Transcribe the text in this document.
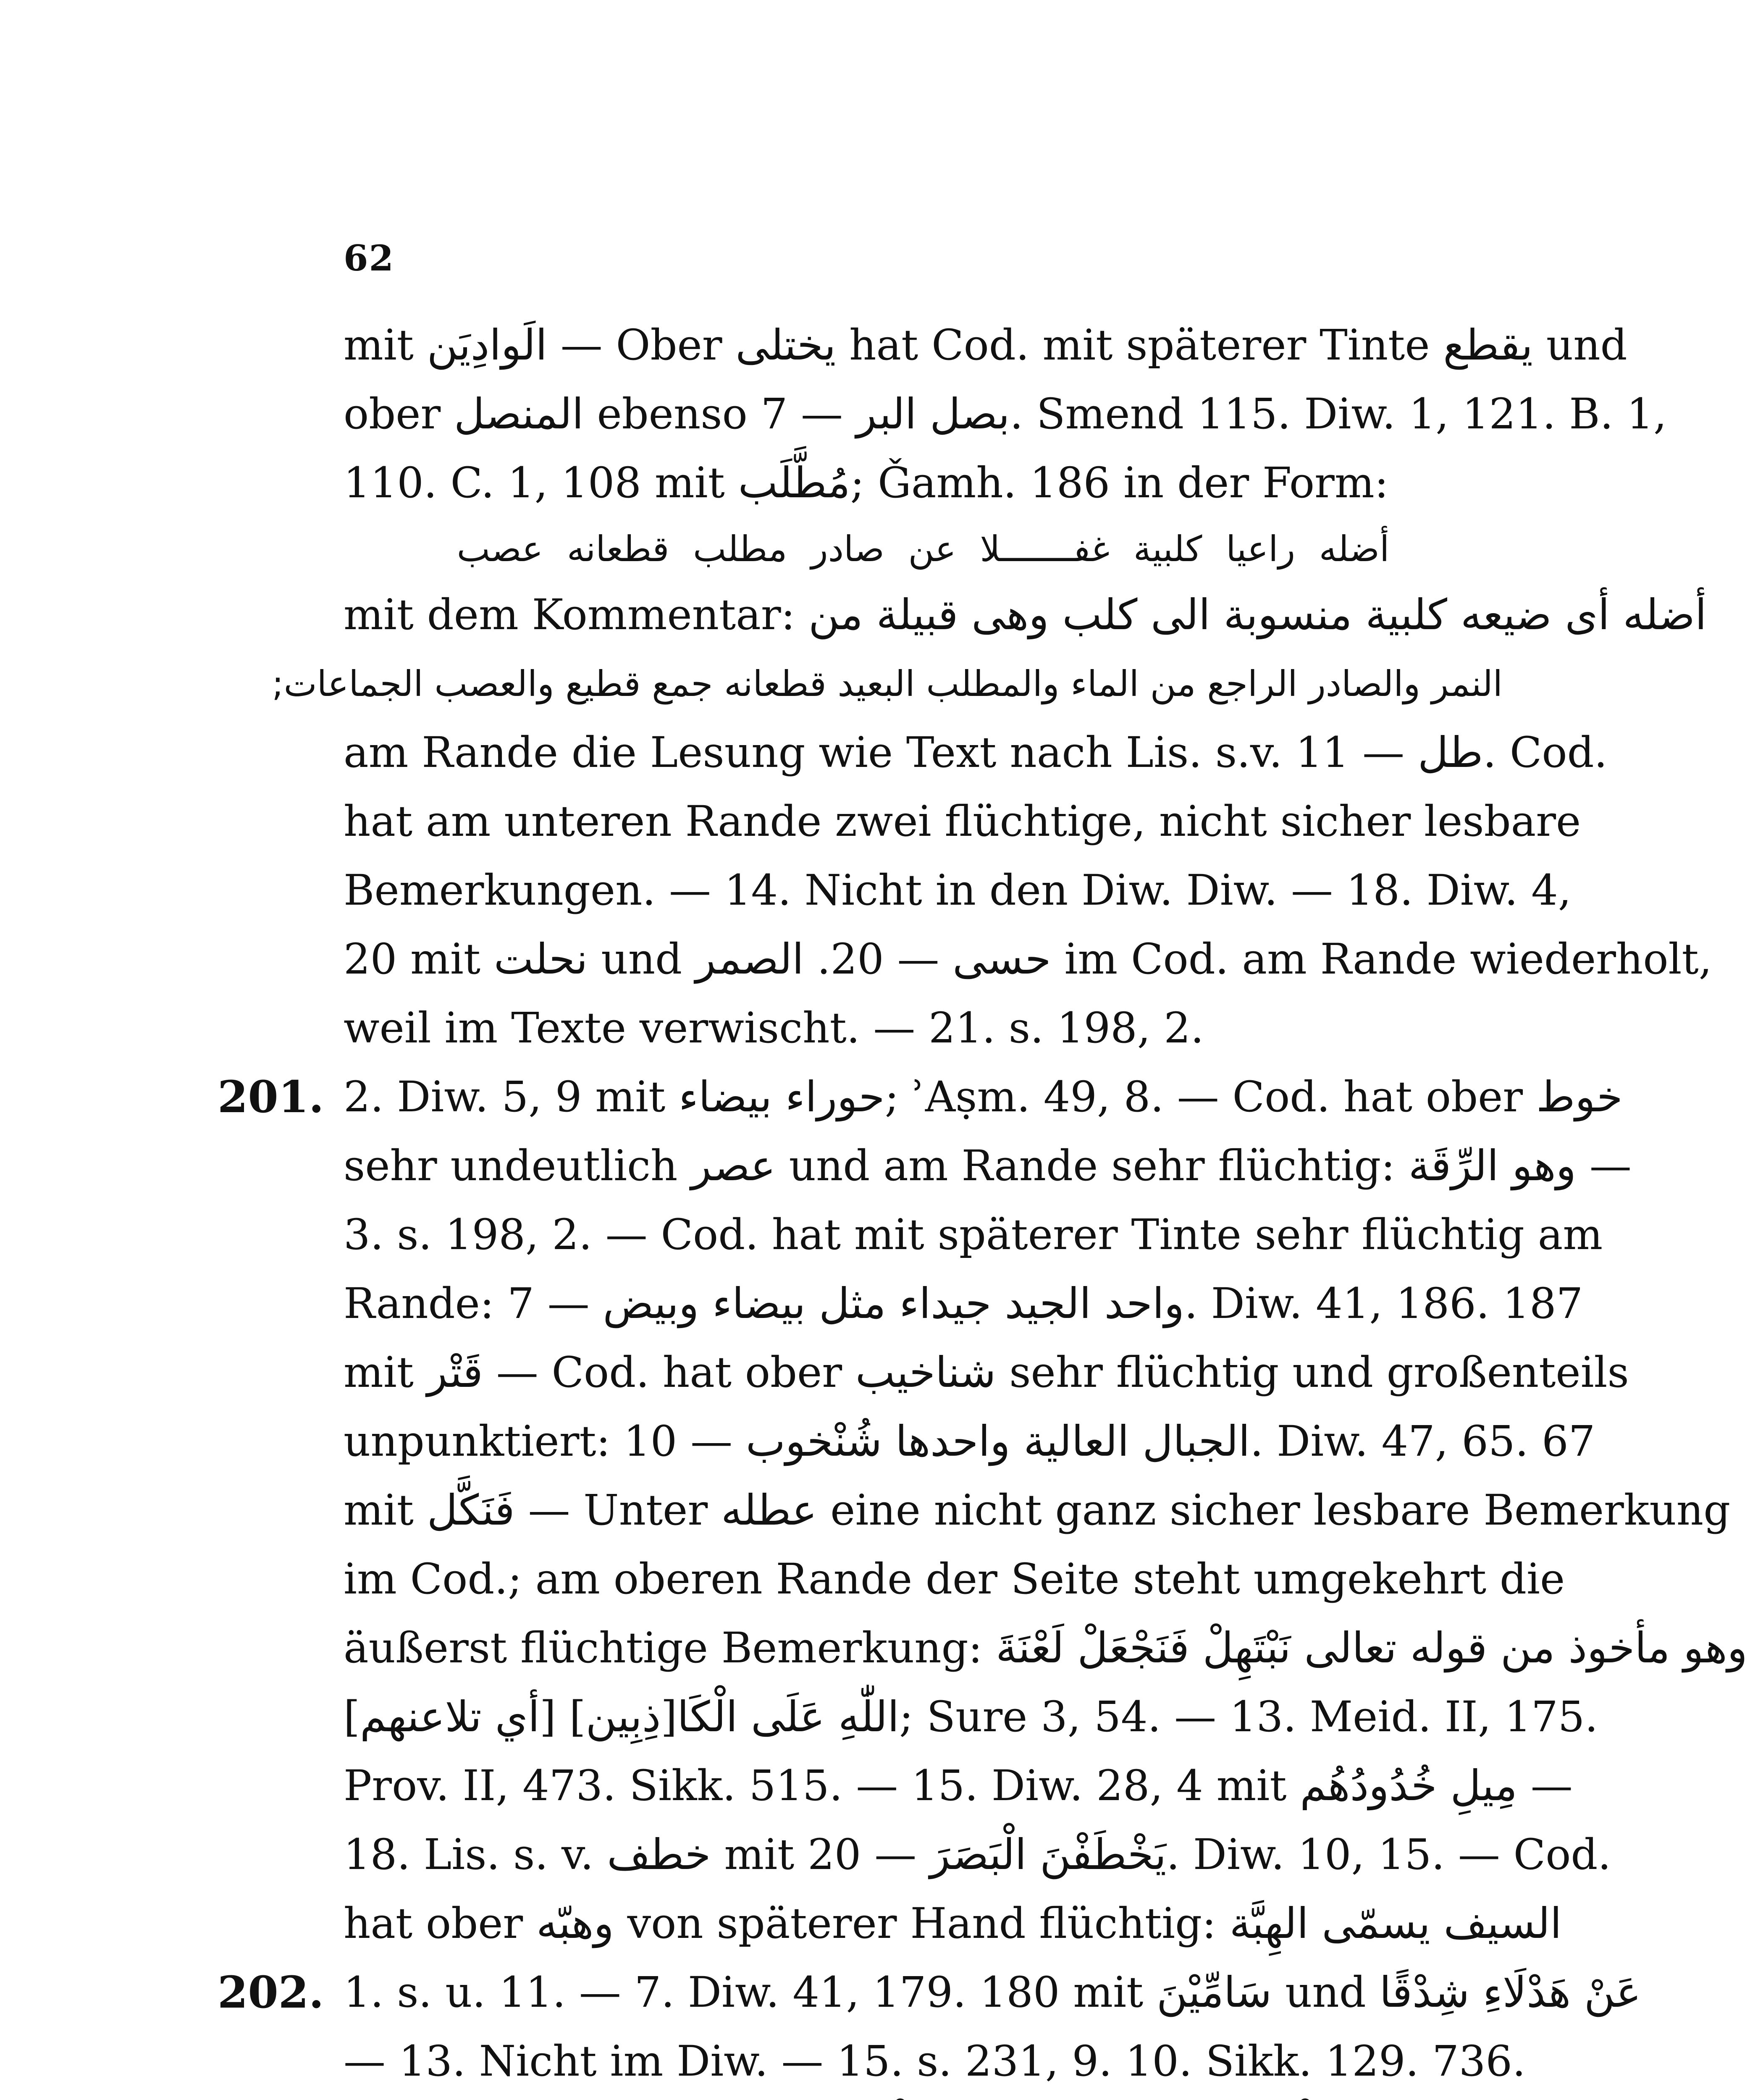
62
mit الَوادِيَن — Ober يختلى hat Cod. mit späterer Tinte يقطع und
ober المنصل ebenso بصل البر — 7. Smend 115. Diw. 1, 121. B. 1,
110. C. 1, 108 mit مُطَّلَب; Ǧamh. 186 in der Form:
أضله راعيا كلبية غفـــــــلا عن صادر مطلب قطعانه عصب
mit dem Kommentar: أضله أى ضيعه كلبية منسوبة الى كلب وهى قبيلة من
النمر والصادر الراجع من الماء والمطلب البعيد قطعانه جمع قطيع والعصب الجماعات;
am Rande die Lesung wie Text nach Lis. s.v. طل — 11. Cod.
hat am unteren Rande zwei flüchtige, nicht sicher lesbare
Bemerkungen. — 14. Nicht in den Diw. Diw. — 18. Diw. 4,
20 mit نحلت und حسى — 20. الصمر im Cod. am Rande wiederholt,
weil im Texte verwischt. — 21. s. 198, 2.
201. 2. Diw. 5, 9 mit حوراء بيضاء; ʾAṣm. 49, 8. — Cod. hat ober خوط
sehr undeutlich عصر und am Rande sehr flüchtig: وهو الرِّقَة —
3. s. 198, 2. — Cod. hat mit späterer Tinte sehr flüchtig am
Rande: واحد الجيد جيداء مثل بيضاء وبيض — 7. Diw. 41, 186. 187
mit قَتْر — Cod. hat ober شناخيب sehr flüchtig und großenteils
unpunktiert: الجبال العالية واحدها شُنْخوب — 10. Diw. 47, 65. 67
mit فَنَكَّل — Unter عطله eine nicht ganz sicher lesbare Bemerkung
im Cod.; am oberen Rande der Seite steht umgekehrt die
äußerst flüchtige Bemerkung: وهو مأخوذ من قوله تعالى نَبْتَهِلْ فَنَجْعَلْ لَعْنَةَ
[أي تلاعنهم] اللّٰهِ عَلَى الْكَا[ذِبِين]; Sure 3, 54. — 13. Meid. II, 175.
Prov. II, 473. Sikk. 515. — 15. Diw. 28, 4 mit مِيلِ خُدُودُهُم —
18. Lis. s. v. خطف mit يَخْطَفْنَ الْبَصَرَ — 20. Diw. 10, 15. — Cod.
hat ober وهبّه von späterer Hand flüchtig: السيف يسمّى الهِبَّة
202. 1. s. u. 11. — 7. Diw. 41, 179. 180 mit سَامِّيْنَ und عَنْ هَدْلَاءِ شِدْقًا
— 13. Nicht im Diw. — 15. s. 231, 9. 10. Sikk. 129. 736.
